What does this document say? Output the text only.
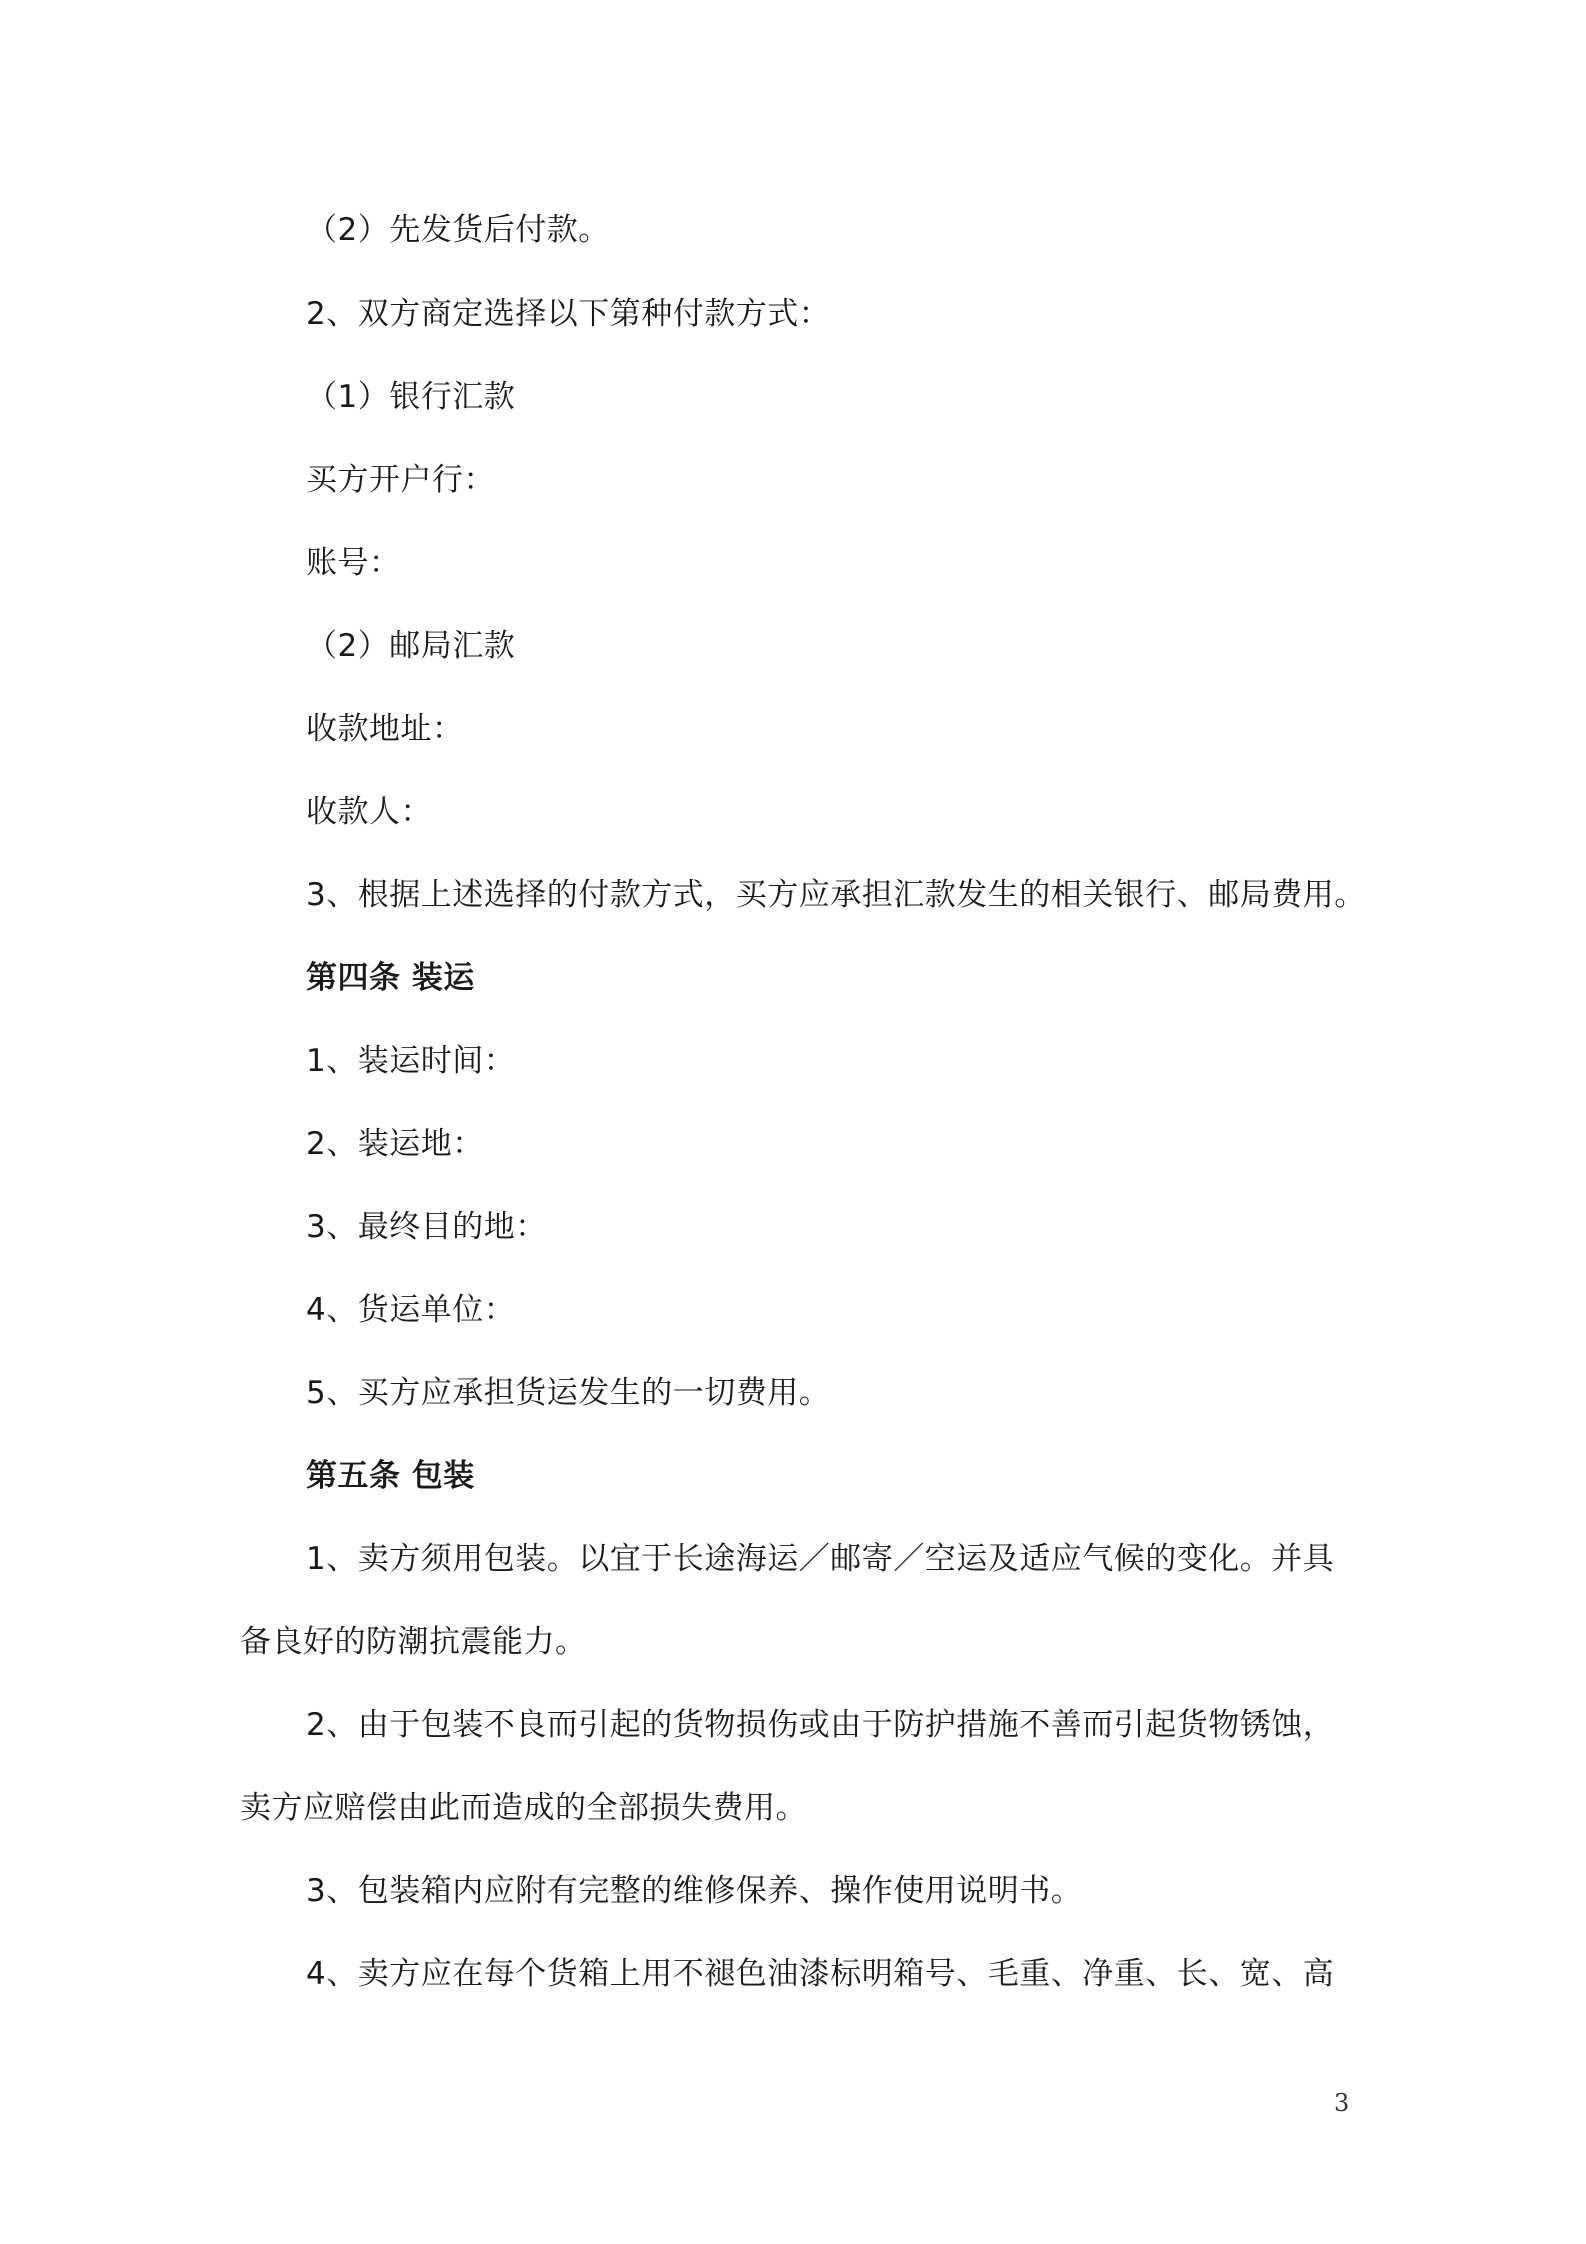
（2）先发货后付款。
2、双方商定选择以下第种付款方式：
（1）银行汇款
买方开户行：
账号：
（2）邮局汇款
收款地址：
收款人：
3、根据上述选择的付款方式，买方应承担汇款发生的相关银行、邮局费用。
第四条 装运
1、装运时间：
2、装运地：
3、最终目的地：
4、货运单位：
5、买方应承担货运发生的一切费用。
第五条 包装
1、卖方须用包装。以宜于长途海运／邮寄／空运及适应气候的变化。并具
备良好的防潮抗震能力。
2、由于包装不良而引起的货物损伤或由于防护措施不善而引起货物锈蚀，
卖方应赔偿由此而造成的全部损失费用。
3、包装箱内应附有完整的维修保养、操作使用说明书。
4、卖方应在每个货箱上用不褪色油漆标明箱号、毛重、净重、长、宽、高
3
